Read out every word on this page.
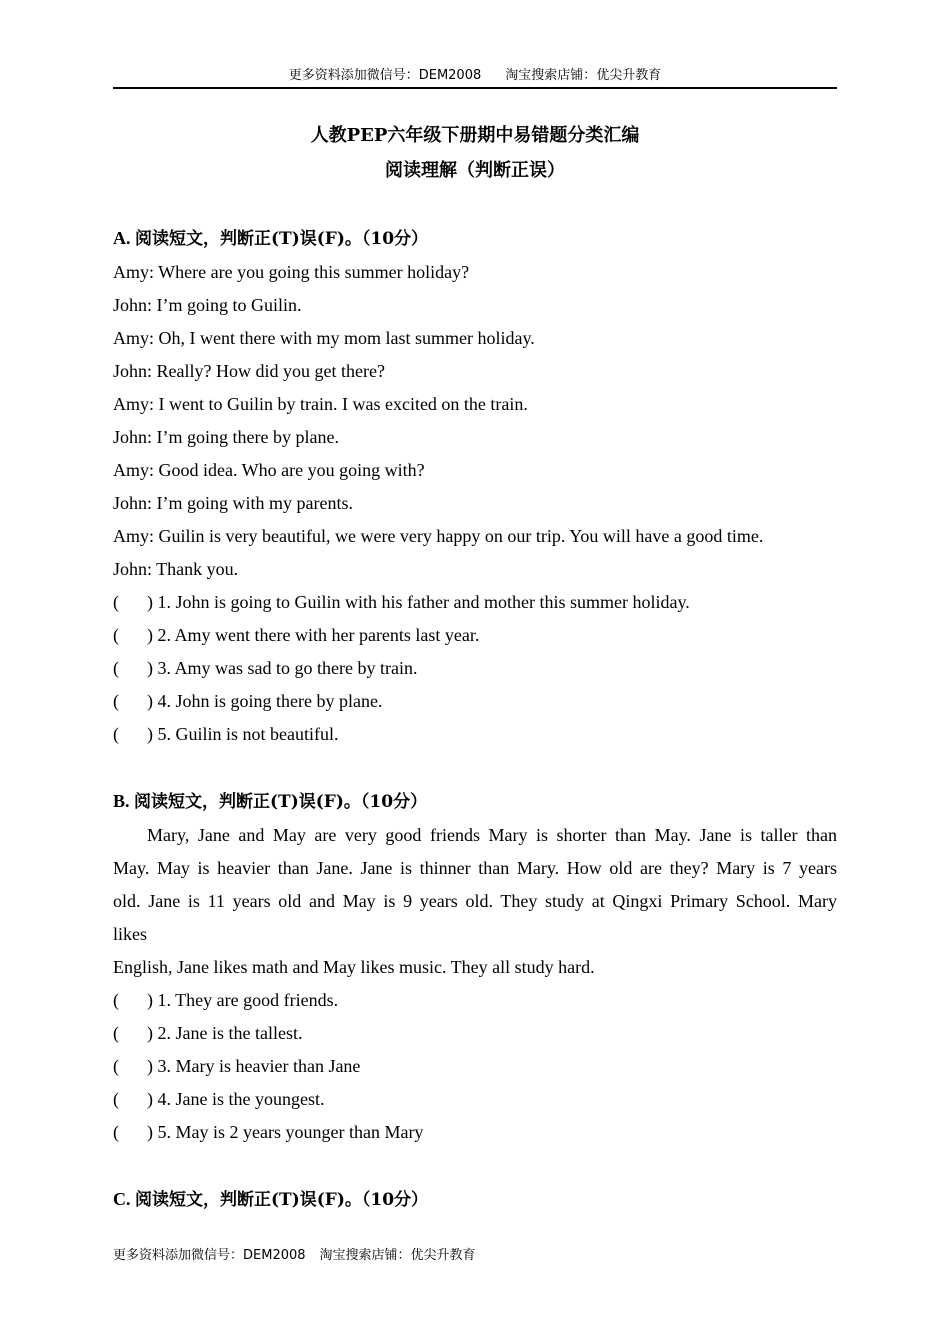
更多资料添加微信号：DEM2008 淘宝搜索店铺：优尖升教育
人教PEP六年级下册期中易错题分类汇编
阅读理解（判断正误）
A. 阅读短文，判断正(T)误(F)。（10分）
Amy: Where are you going this summer holiday?
John: I’m going to Guilin.
Amy: Oh, I went there with my mom last summer holiday.
John: Really? How did you get there?
Amy: I went to Guilin by train. I was excited on the train.
John: I’m going there by plane.
Amy: Good idea. Who are you going with?
John: I’m going with my parents.
Amy: Guilin is very beautiful, we were very happy on our trip. You will have a good time.
John: Thank you.
( ) 1. John is going to Guilin with his father and mother this summer holiday.
( ) 2. Amy went there with her parents last year.
( ) 3. Amy was sad to go there by train.
( ) 4. John is going there by plane.
( ) 5. Guilin is not beautiful.
B. 阅读短文，判断正(T)误(F)。（10分）
Mary, Jane and May are very good friends Mary is shorter than May. Jane is taller than
May. May is heavier than Jane. Jane is thinner than Mary. How old are they? Mary is 7 years
old. Jane is 11 years old and May is 9 years old. They study at Qingxi Primary School. Mary
likes
English, Jane likes math and May likes music. They all study hard.
( ) 1. They are good friends.
( ) 2. Jane is the tallest.
( ) 3. Mary is heavier than Jane
( ) 4. Jane is the youngest.
( ) 5. May is 2 years younger than Mary
C. 阅读短文，判断正(T)误(F)。（10分）
更多资料添加微信号：DEM2008 淘宝搜索店铺：优尖升教育
